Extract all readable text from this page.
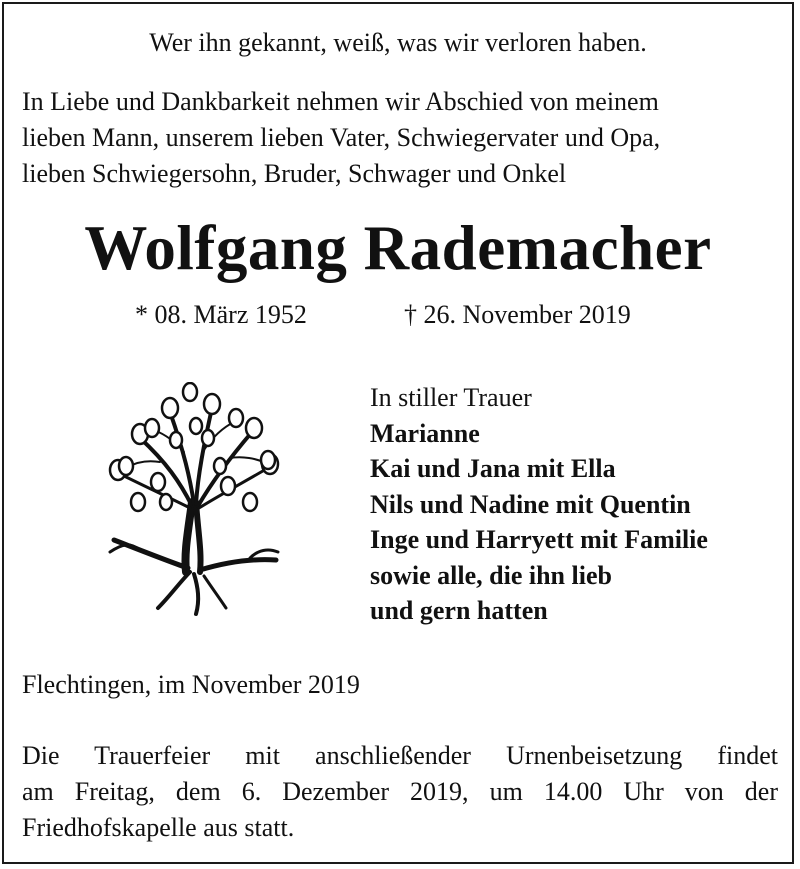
Wer ihn gekannt, weiß, was wir verloren haben.
In Liebe und Dankbarkeit nehmen wir Abschied von meinem
lieben Mann, unserem lieben Vater, Schwiegervater und Opa,
lieben Schwiegersohn, Bruder, Schwager und Onkel
Wolfgang Rademacher
* 08. März 1952	† 26. November 2019
In stiller Trauer
Marianne
Kai und Jana mit Ella
Nils und Nadine mit Quentin
Inge und Harryett mit Familie
sowie alle, die ihn lieb
und gern hatten
Flechtingen, im November 2019
Die Trauerfeier mit anschließender Urnenbeisetzung findet
am Freitag, dem 6. Dezember 2019, um 14.00 Uhr von der
Friedhofskapelle aus statt.
